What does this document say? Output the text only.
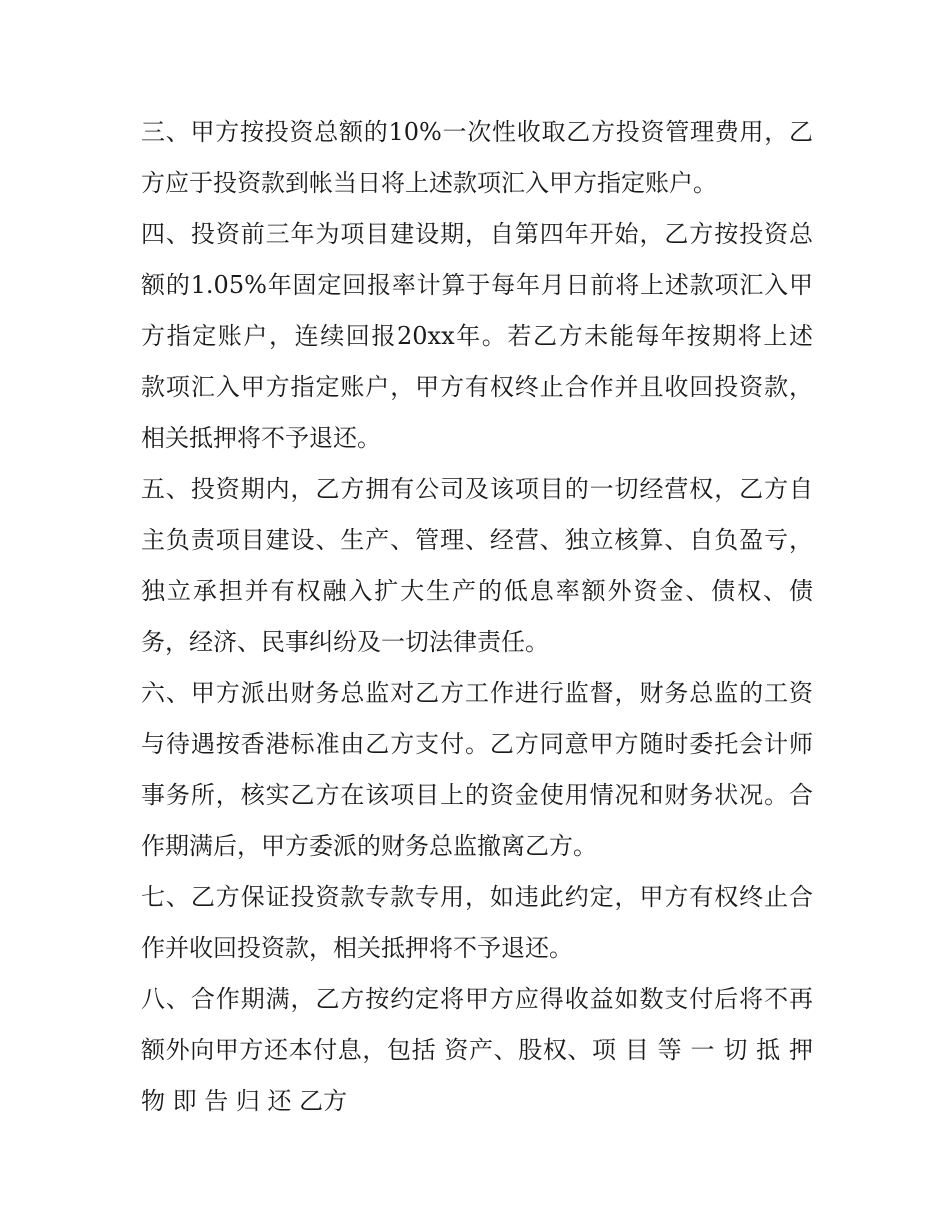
三、甲方按投资总额的10%一次性收取乙方投资管理费用，乙
方应于投资款到帐当日将上述款项汇入甲方指定账户。
四、投资前三年为项目建设期，自第四年开始，乙方按投资总
额的1.05%年固定回报率计算于每年月日前将上述款项汇入甲
方指定账户，连续回报20xx年。若乙方未能每年按期将上述
款项汇入甲方指定账户，甲方有权终止合作并且收回投资款，
相关抵押将不予退还。
五、投资期内，乙方拥有公司及该项目的一切经营权，乙方自
主负责项目建设、生产、管理、经营、独立核算、自负盈亏，
独立承担并有权融入扩大生产的低息率额外资金、债权、债
务，经济、民事纠纷及一切法律责任。
六、甲方派出财务总监对乙方工作进行监督，财务总监的工资
与待遇按香港标准由乙方支付。乙方同意甲方随时委托会计师
事务所，核实乙方在该项目上的资金使用情况和财务状况。合
作期满后，甲方委派的财务总监撤离乙方。
七、乙方保证投资款专款专用，如违此约定，甲方有权终止合
作并收回投资款，相关抵押将不予退还。
八、合作期满，乙方按约定将甲方应得收益如数支付后将不再
额外向甲方还本付息，包括 资产、股权、项 目 等 一 切 抵 押
物 即 告 归 还 乙方
